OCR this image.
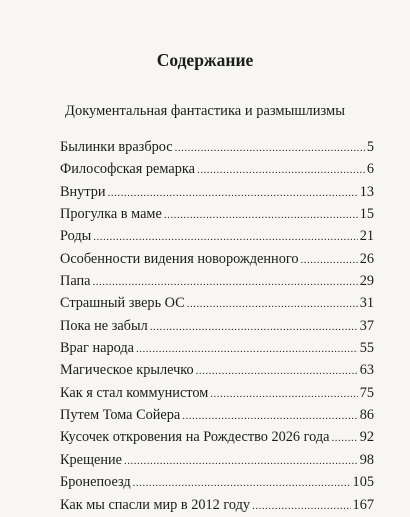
Содержание
Документальная фантастика и размышлизмы
Былинки вразброс .....	5
Философская ремарка .....	6
Внутри .....	13
Прогулка в маме .....	15
Роды .....	21
Особенности видения новорожденного .....	26
Папа .....	29
Страшный зверь ОС .....	31
Пока не забыл .....	37
Враг народа .....	55
Магическое крылечко .....	63
Как я стал коммунистом .....	75
Путем Тома Сойера .....	86
Кусочек откровения на Рождество 2026 года ..... 92
Крещение .....	98
Бронепоезд .....	105
Как мы спасли мир в 2012 году .....	167
